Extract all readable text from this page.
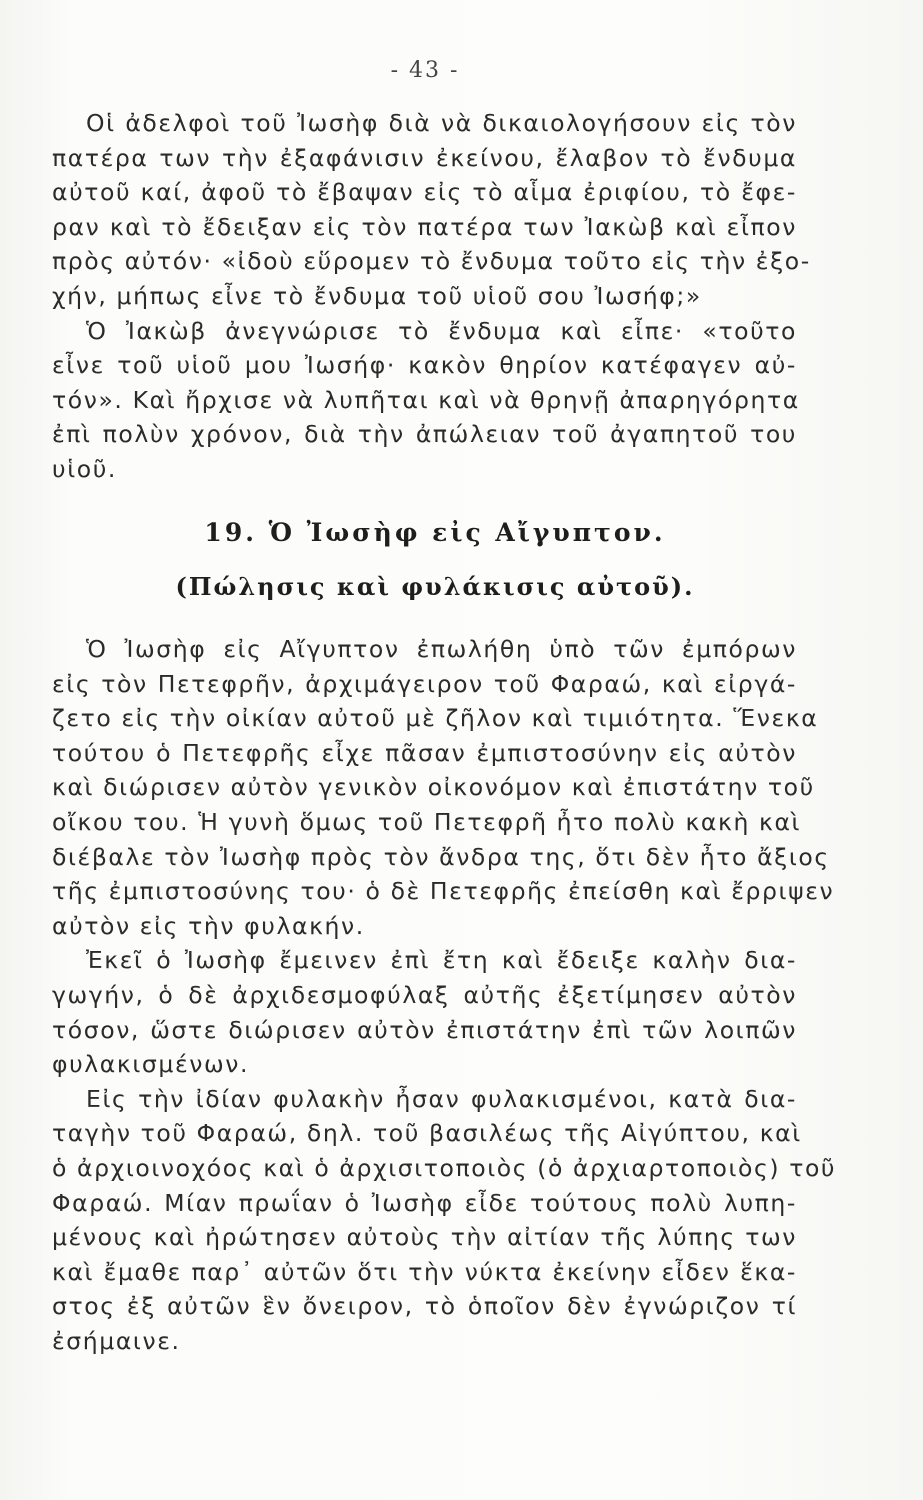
- 43 -
Οἱ ἀδελφοὶ τοῦ Ἰωσὴφ διὰ νὰ δικαιολογήσουν εἰς τὸν
πατέρα των τὴν ἐξαφάνισιν ἐκείνου, ἔλαβον τὸ ἔνδυμα
αὐτοῦ καί, ἀφοῦ τὸ ἔβαψαν εἰς τὸ αἷμα ἐριφίου, τὸ ἔφε-
ραν καὶ τὸ ἔδειξαν εἰς τὸν πατέρα των Ἰακὼβ καὶ εἶπον
πρὸς αὐτόν· «ἰδοὺ εὕρομεν τὸ ἔνδυμα τοῦτο εἰς τὴν ἐξο-
χήν, μήπως εἶνε τὸ ἔνδυμα τοῦ υἱοῦ σου Ἰωσήφ;»
Ὁ Ἰακὼβ ἀνεγνώρισε τὸ ἔνδυμα καὶ εἶπε· «τοῦτο
εἶνε τοῦ υἱοῦ μου Ἰωσήφ· κακὸν θηρίον κατέφαγεν αὐ-
τόν». Καὶ ἤρχισε νὰ λυπῆται καὶ νὰ θρηνῇ ἀπαρηγόρητα
ἐπὶ πολὺν χρόνον, διὰ τὴν ἀπώλειαν τοῦ ἀγαπητοῦ του
υἱοῦ.
19. Ὁ Ἰωσὴφ εἰς Αἴγυπτον.
(Πώλησις καὶ φυλάκισις αὐτοῦ).
Ὁ Ἰωσὴφ εἰς Αἴγυπτον ἐπωλήθη ὑπὸ τῶν ἐμπόρων
εἰς τὸν Πετεφρῆν, ἀρχιμάγειρον τοῦ Φαραώ, καὶ εἰργά-
ζετο εἰς τὴν οἰκίαν αὐτοῦ μὲ ζῆλον καὶ τιμιότητα. Ἕνεκα
τούτου ὁ Πετεφρῆς εἶχε πᾶσαν ἐμπιστοσύνην εἰς αὐτὸν
καὶ διώρισεν αὐτὸν γενικὸν οἰκονόμον καὶ ἐπιστάτην τοῦ
οἴκου του. Ἡ γυνὴ ὅμως τοῦ Πετεφρῆ ἦτο πολὺ κακὴ καὶ
διέβαλε τὸν Ἰωσὴφ πρὸς τὸν ἄνδρα της, ὅτι δὲν ἦτο ἄξιος
τῆς ἐμπιστοσύνης του· ὁ δὲ Πετεφρῆς ἐπείσθη καὶ ἔρριψεν
αὐτὸν εἰς τὴν φυλακήν.
Ἐκεῖ ὁ Ἰωσὴφ ἔμεινεν ἐπὶ ἔτη καὶ ἔδειξε καλὴν δια-
γωγήν, ὁ δὲ ἀρχιδεσμοφύλαξ αὐτῆς ἐξετίμησεν αὐτὸν
τόσον, ὥστε διώρισεν αὐτὸν ἐπιστάτην ἐπὶ τῶν λοιπῶν
φυλακισμένων.
Εἰς τὴν ἰδίαν φυλακὴν ἦσαν φυλακισμένοι, κατὰ δια-
ταγὴν τοῦ Φαραώ, δηλ. τοῦ βασιλέως τῆς Αἰγύπτου, καὶ
ὁ ἀρχιοινοχόος καὶ ὁ ἀρχισιτοποιὸς (ὁ ἀρχιαρτοποιὸς) τοῦ
Φαραώ. Μίαν πρωΐαν ὁ Ἰωσὴφ εἶδε τούτους πολὺ λυπη-
μένους καὶ ἠρώτησεν αὐτοὺς τὴν αἰτίαν τῆς λύπης των
καὶ ἔμαθε παρ᾽ αὐτῶν ὅτι τὴν νύκτα ἐκείνην εἶδεν ἕκα-
στος ἐξ αὐτῶν ἓν ὄνειρον, τὸ ὁποῖον δὲν ἐγνώριζον τί
ἐσήμαινε.
